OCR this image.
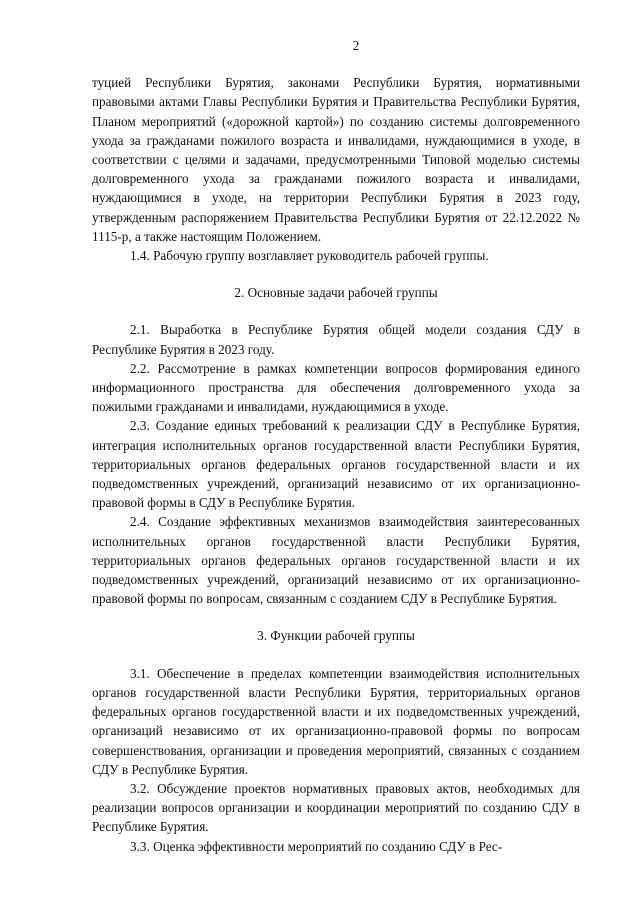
2

туцией Республики Бурятия, законами Республики Бурятия, нормативными правовыми актами Главы Республики Бурятия и Правительства Республики Бурятия, Планом мероприятий («дорожной картой») по созданию системы долговременного ухода за гражданами пожилого возраста и инвалидами, нуждающимися в уходе, в соответствии с целями и задачами, предусмотренными Типовой моделью системы долговременного ухода за гражданами пожилого возраста и инвалидами, нуждающимися в уходе, на территории Республики Бурятия в 2023 году, утвержденным распоряжением Правительства Республики Бурятия от 22.12.2022 № 1115-р, а также настоящим Положением.

1.4. Рабочую группу возглавляет руководитель рабочей группы.

2. Основные задачи рабочей группы

2.1. Выработка в Республике Бурятия общей модели создания СДУ в Республике Бурятия в 2023 году.

2.2. Рассмотрение в рамках компетенции вопросов формирования единого информационного пространства для обеспечения долговременного ухода за пожилыми гражданами и инвалидами, нуждающимися в уходе.

2.3. Создание единых требований к реализации СДУ в Республике Бурятия, интеграция исполнительных органов государственной власти Республики Бурятия, территориальных органов федеральных органов государственной власти и их подведомственных учреждений, организаций независимо от их организационно-правовой формы в СДУ в Республике Бурятия.

2.4. Создание эффективных механизмов взаимодействия заинтересованных исполнительных органов государственной власти Республики Бурятия, территориальных органов федеральных органов государственной власти и их подведомственных учреждений, организаций независимо от их организационно-правовой формы по вопросам, связанным с созданием СДУ в Республике Бурятия.

3. Функции рабочей группы

3.1. Обеспечение в пределах компетенции взаимодействия исполнительных органов государственной власти Республики Бурятия, территориальных органов федеральных органов государственной власти и их подведомственных учреждений, организаций независимо от их организационно-правовой формы по вопросам совершенствования, организации и проведения мероприятий, связанных с созданием СДУ в Республике Бурятия.

3.2. Обсуждение проектов нормативных правовых актов, необходимых для реализации вопросов организации и координации мероприятий по созданию СДУ в Республике Бурятия.

3.3. Оценка эффективности мероприятий по созданию СДУ в Рес-
